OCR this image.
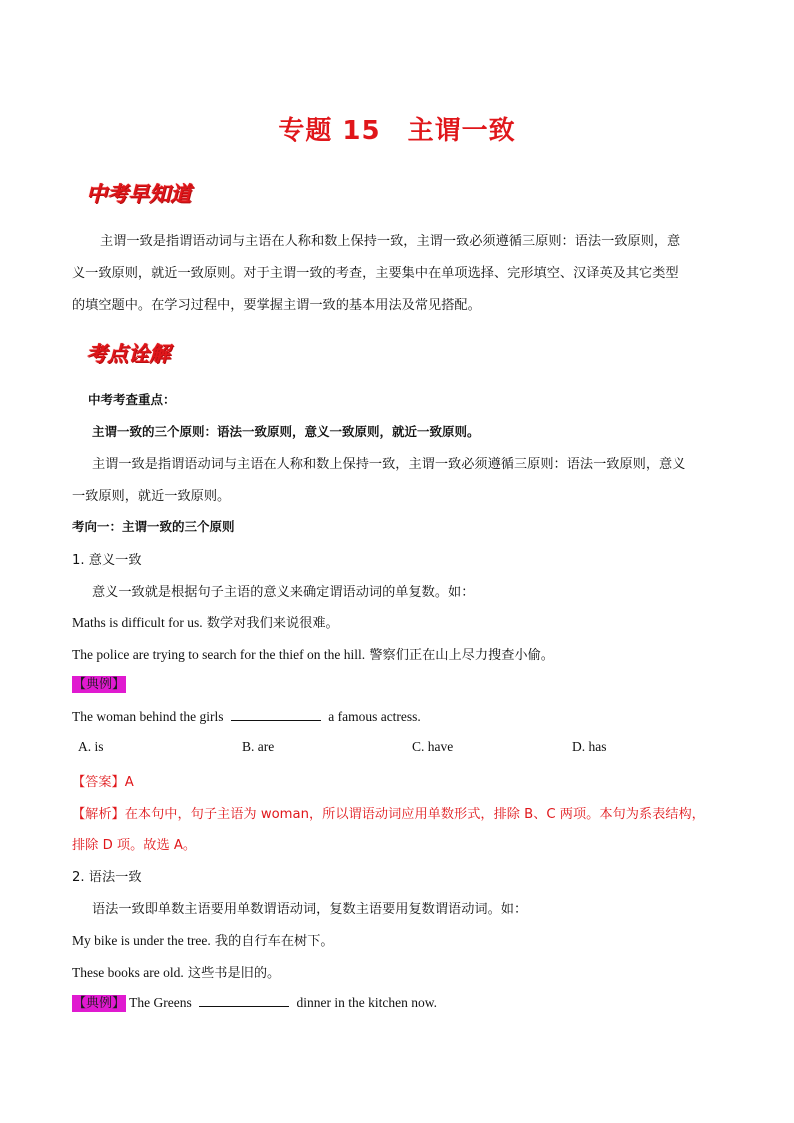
专题 15　主谓一致
中考早知道
主谓一致是指谓语动词与主语在人称和数上保持一致，主谓一致必须遵循三原则：语法一致原则，意
义一致原则，就近一致原则。对于主谓一致的考查，主要集中在单项选择、完形填空、汉译英及其它类型
的填空题中。在学习过程中，要掌握主谓一致的基本用法及常见搭配。
考点诠解
中考考查重点：
主谓一致的三个原则：语法一致原则，意义一致原则，就近一致原则。
主谓一致是指谓语动词与主语在人称和数上保持一致，主谓一致必须遵循三原则：语法一致原则，意义
一致原则，就近一致原则。
考向一：主谓一致的三个原则
1. 意义一致
意义一致就是根据句子主语的意义来确定谓语动词的单复数。如：
Maths is difficult for us. 数学对我们来说很难。
The police are trying to search for the thief on the hill. 警察们正在山上尽力搜查小偷。
【典例】
The woman behind the girls	a famous actress.
A. is	B. are	C. have	D. has
【答案】A
【解析】在本句中，句子主语为 woman，所以谓语动词应用单数形式，排除 B、C 两项。本句为系表结构，
排除 D 项。故选 A。
2. 语法一致
语法一致即单数主语要用单数谓语动词，复数主语要用复数谓语动词。如：
My bike is under the tree. 我的自行车在树下。
These books are old. 这些书是旧的。
【典例】 The Greens	dinner in the kitchen now.
